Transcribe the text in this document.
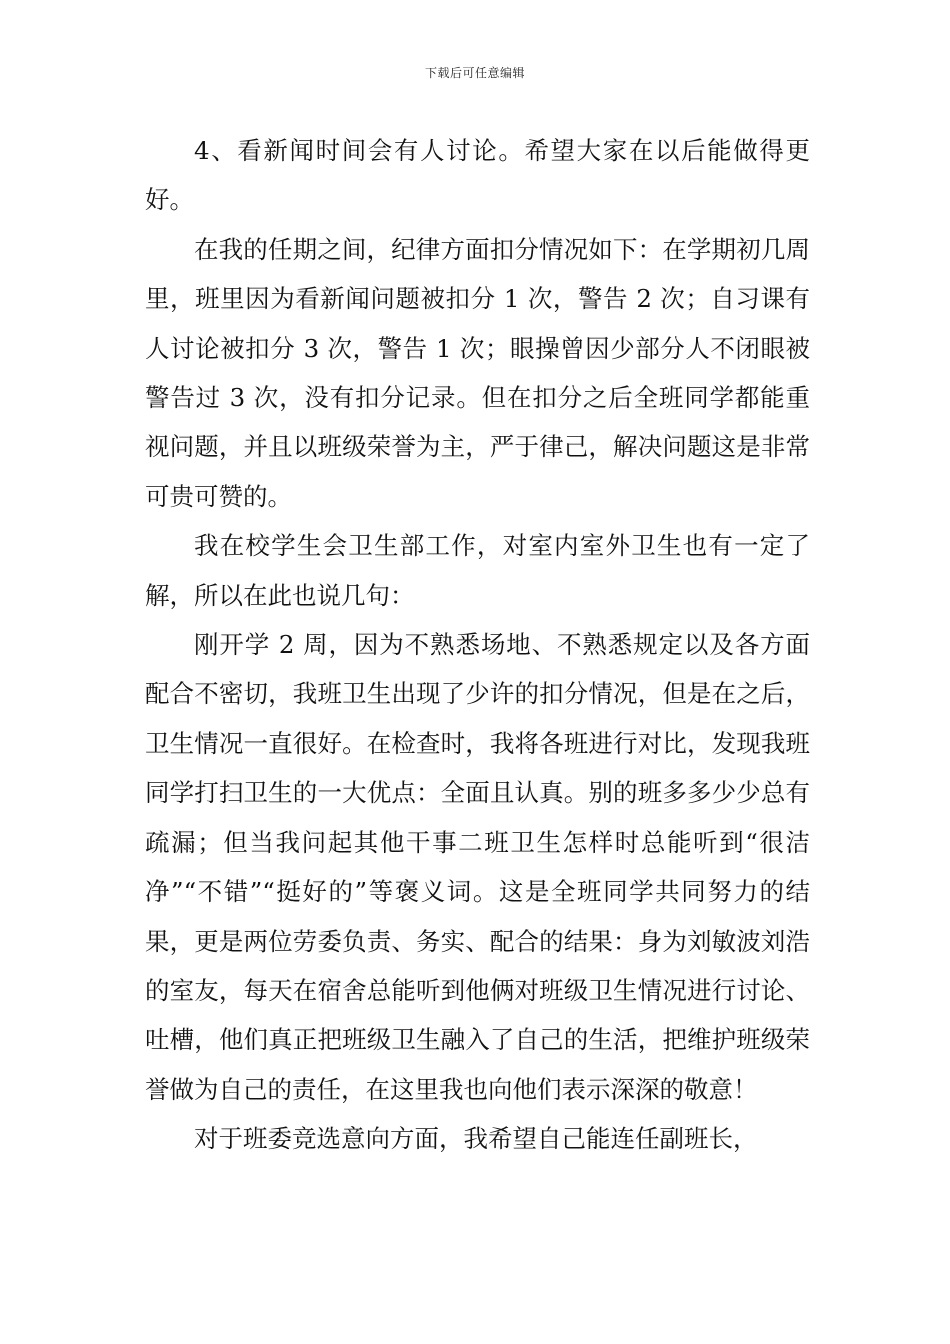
下载后可任意编辑

4、看新闻时间会有人讨论。希望大家在以后能做得更好。

在我的任期之间，纪律方面扣分情况如下：在学期初几周里，班里因为看新闻问题被扣分 1 次，警告 2 次；自习课有人讨论被扣分 3 次，警告 1 次；眼操曾因少部分人不闭眼被警告过 3 次，没有扣分记录。但在扣分之后全班同学都能重视问题，并且以班级荣誉为主，严于律己，解决问题这是非常可贵可赞的。

我在校学生会卫生部工作，对室内室外卫生也有一定了解，所以在此也说几句：

刚开学 2 周，因为不熟悉场地、不熟悉规定以及各方面配合不密切，我班卫生出现了少许的扣分情况，但是在之后，卫生情况一直很好。在检查时，我将各班进行对比，发现我班同学打扫卫生的一大优点：全面且认真。别的班多多少少总有疏漏；但当我问起其他干事二班卫生怎样时总能听到“很洁净”“不错”“挺好的”等褒义词。这是全班同学共同努力的结果，更是两位劳委负责、务实、配合的结果：身为刘敏波刘浩的室友，每天在宿舍总能听到他俩对班级卫生情况进行讨论、吐槽，他们真正把班级卫生融入了自己的生活，把维护班级荣誉做为自己的责任，在这里我也向他们表示深深的敬意！

对于班委竞选意向方面，我希望自己能连任副班长，
